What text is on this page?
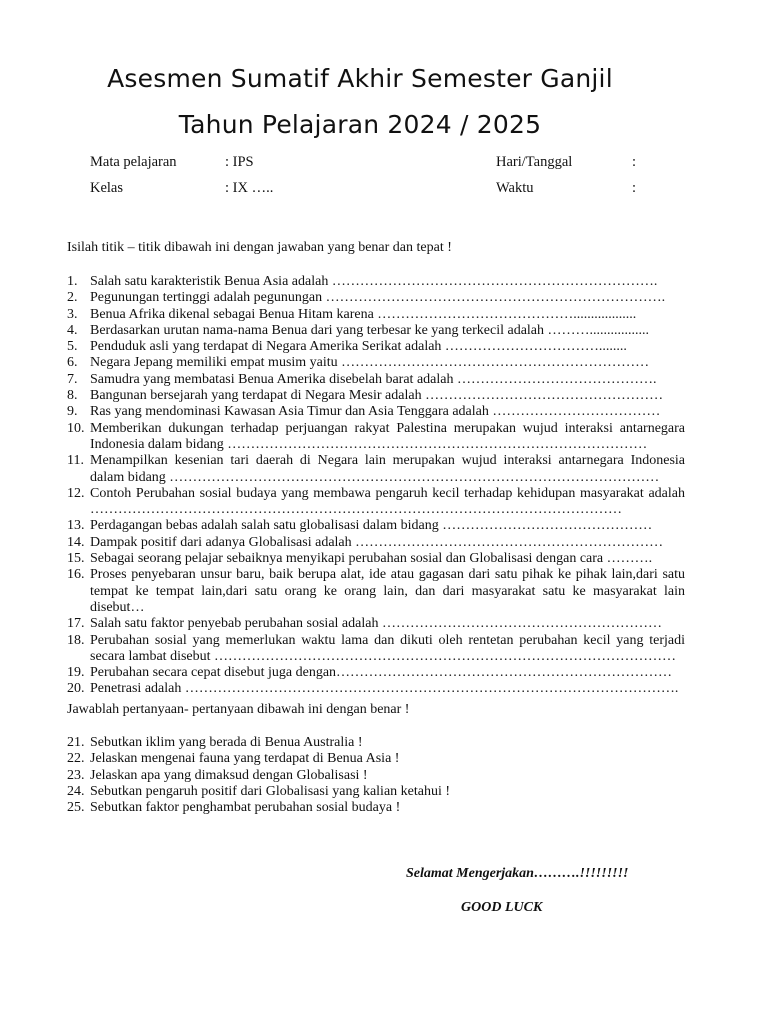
Asesmen Sumatif Akhir Semester Ganjil
Tahun Pelajaran 2024 / 2025
Mata pelajaran	: IPS	Hari/Tanggal	:
Kelas	: IX …..	Waktu	:
Isilah titik – titik dibawah ini dengan jawaban yang benar dan tepat !
1. Salah satu karakteristik Benua Asia adalah …………………………………………………………….
2. Pegunungan tertinggi adalah pegunungan ……………………………………………………………….
3. Benua Afrika dikenal sebagai Benua Hitam karena ……………………………………..................
4. Berdasarkan urutan nama-nama Benua dari yang terbesar ke yang terkecil adalah ……….................
5. Penduduk asli yang terdapat di Negara Amerika Serikat adalah ……………………………........
6. Negara Jepang memiliki empat musim yaitu …………………………………………………………
7. Samudra yang membatasi Benua Amerika disebelah barat adalah …………………………………….
8. Bangunan bersejarah yang terdapat di Negara Mesir adalah ……………………………………………
9. Ras yang mendominasi Kawasan Asia Timur dan Asia Tenggara adalah ………………………………
10. Memberikan dukungan terhadap perjuangan rakyat Palestina merupakan wujud interaksi antarnegara Indonesia dalam bidang ………………………………………………………………………………
11. Menampilkan kesenian tari daerah di Negara lain merupakan wujud interaksi antarnegara Indonesia dalam bidang ……………………………………………………………………………………………
12. Contoh Perubahan sosial budaya yang membawa pengaruh kecil terhadap kehidupan masyarakat adalah ……………………………………………………………………………………………………
13. Perdagangan bebas adalah salah satu globalisasi dalam bidang ………………………………………
14. Dampak positif dari adanya Globalisasi adalah …………………………………………………………
15. Sebagai seorang pelajar sebaiknya menyikapi perubahan sosial dan Globalisasi dengan cara ……….
16. Proses penyebaran unsur baru, baik berupa alat, ide atau gagasan dari satu pihak ke pihak lain,dari satu tempat ke tempat lain,dari satu orang ke orang lain, dan dari masyarakat satu ke masyarakat lain disebut…
17. Salah satu faktor penyebab perubahan sosial adalah ……………………………………………………
18. Perubahan sosial yang memerlukan waktu lama dan dikuti oleh rentetan perubahan kecil yang terjadi secara lambat disebut ………………………………………………………………………………………
19. Perubahan secara cepat disebut juga dengan………………………………………………………………
20. Penetrasi adalah …………………………………………………………………………………………….
Jawablah pertanyaan- pertanyaan dibawah ini dengan benar !
21. Sebutkan iklim yang berada di Benua Australia !
22. Jelaskan mengenai fauna yang terdapat di Benua Asia !
23. Jelaskan apa yang dimaksud dengan Globalisasi !
24. Sebutkan pengaruh positif dari Globalisasi yang kalian ketahui !
25. Sebutkan faktor penghambat perubahan sosial budaya !
Selamat Mengerjakan……….!!!!!!!!!
GOOD LUCK
